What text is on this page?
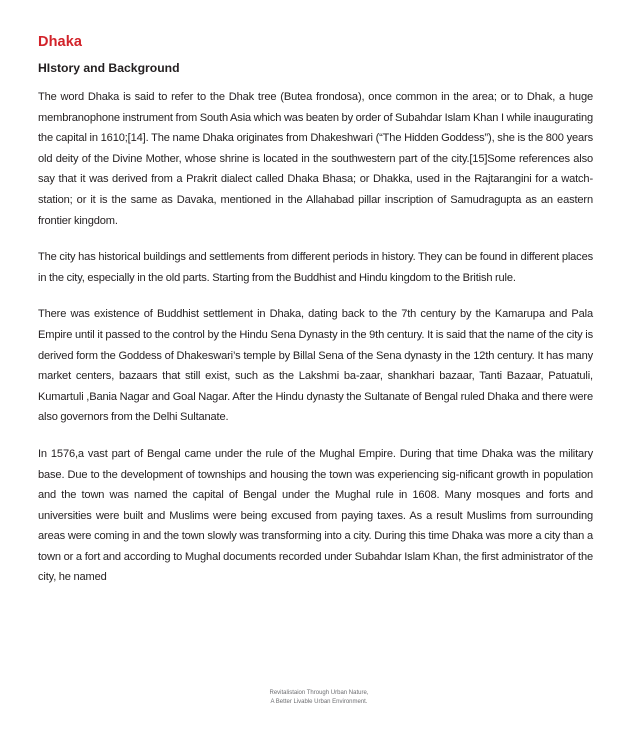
Dhaka
HIstory and Background

The word Dhaka is said to refer to the Dhak tree (Butea frondosa), once common in the area; or to Dhak, a huge membranophone instrument from South Asia which was beaten by order of Subahdar Islam Khan I while inaugurating the capital in 1610;[14]. The name Dhaka originates from Dhakeshwari (“The Hidden Goddess”), she is the 800 years old deity of the Divine Mother, whose shrine is located in the southwestern part of the city.[15]Some references also say that it was derived from a Prakrit dialect called Dhaka Bhasa; or Dhakka, used in the Rajtarangini for a watch-station; or it is the same as Davaka, mentioned in the Allahabad pillar inscription of Samudragupta as an eastern frontier kingdom.

The city has historical buildings and settlements from different periods in history. They can be found in different places in the city, especially in the old parts. Starting from the Buddhist and Hindu kingdom to the British rule.

There was existence of Buddhist settlement in Dhaka, dating back to the 7th century by the Kamarupa and Pala Empire until it passed to the control by the Hindu Sena Dynasty in the 9th century. It is said that the name of the city is derived form the Goddess of Dhakeswari’s temple by Billal Sena of the Sena dynasty in the 12th century. It has many market centers, bazaars that still exist, such as the Lakshmi ba-zaar, shankhari bazaar, Tanti Bazaar, Patuatuli, Kumartuli ,Bania Nagar and Goal Nagar. After the Hindu dynasty the Sultanate of Bengal ruled Dhaka and there were also governors from the Delhi Sultanate.

In 1576,a vast part of Bengal came under the rule of the Mughal Empire. During that time Dhaka was the military base. Due to the development of townships and housing the town was experiencing sig-nificant growth in population and the town was named the capital of Bengal under the Mughal rule in 1608. Many mosques and forts and universities were built and Muslims were being excused from paying taxes. As a result Muslims from surrounding areas were coming in and the town slowly was transforming into a city. During this time Dhaka was more a city than a town or a fort and according to Mughal documents recorded under Subahdar Islam Khan, the first administrator of the city, he named

Revitalistaion Through Urban Nature,
A Better Livable Urban Environment.
